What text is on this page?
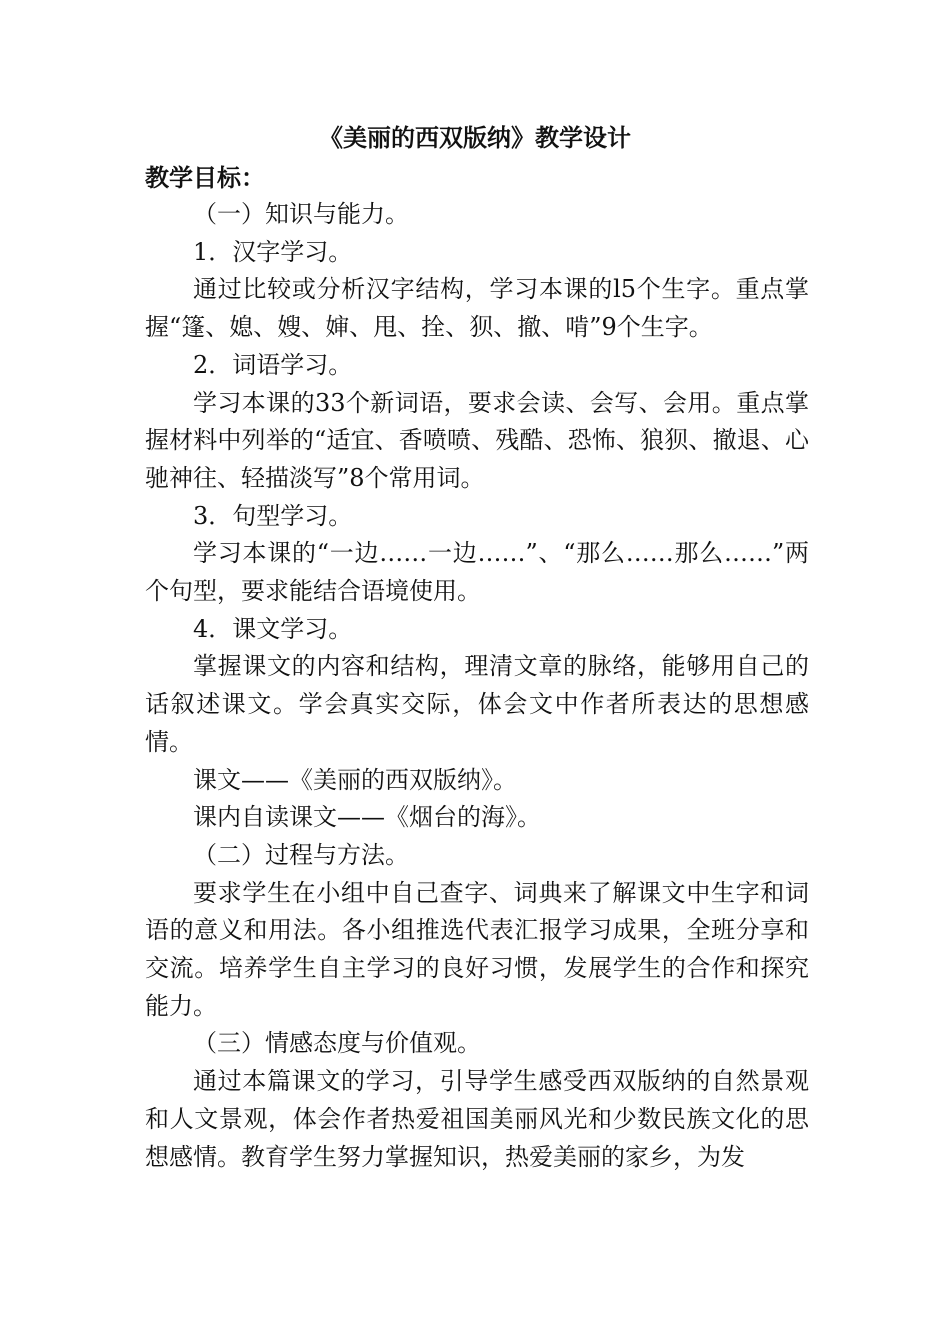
《美丽的西双版纳》教学设计
教学目标：

（一）知识与能力。

1．汉字学习。

通过比较或分析汉字结构，学习本课的l5个生字。重点掌握“篷、媳、嫂、婶、甩、拴、狈、撤、啃”9个生字。

2．词语学习。

学习本课的33个新词语，要求会读、会写、会用。重点掌握材料中列举的“适宜、香喷喷、残酷、恐怖、狼狈、撤退、心驰神往、轻描淡写”8个常用词。

3．句型学习。

学习本课的“一边……一边……”、“那么……那么……”两个句型，要求能结合语境使用。

4．课文学习。

掌握课文的内容和结构，理清文章的脉络，能够用自己的话叙述课文。学会真实交际，体会文中作者所表达的思想感情。

课文——《美丽的西双版纳》。

课内自读课文——《烟台的海》。

（二）过程与方法。

要求学生在小组中自己查字、词典来了解课文中生字和词语的意义和用法。各小组推选代表汇报学习成果，全班分享和交流。培养学生自主学习的良好习惯，发展学生的合作和探究能力。

（三）情感态度与价值观。

通过本篇课文的学习，引导学生感受西双版纳的自然景观和人文景观，体会作者热爱祖国美丽风光和少数民族文化的思想感情。教育学生努力掌握知识，热爱美丽的家乡，为发
